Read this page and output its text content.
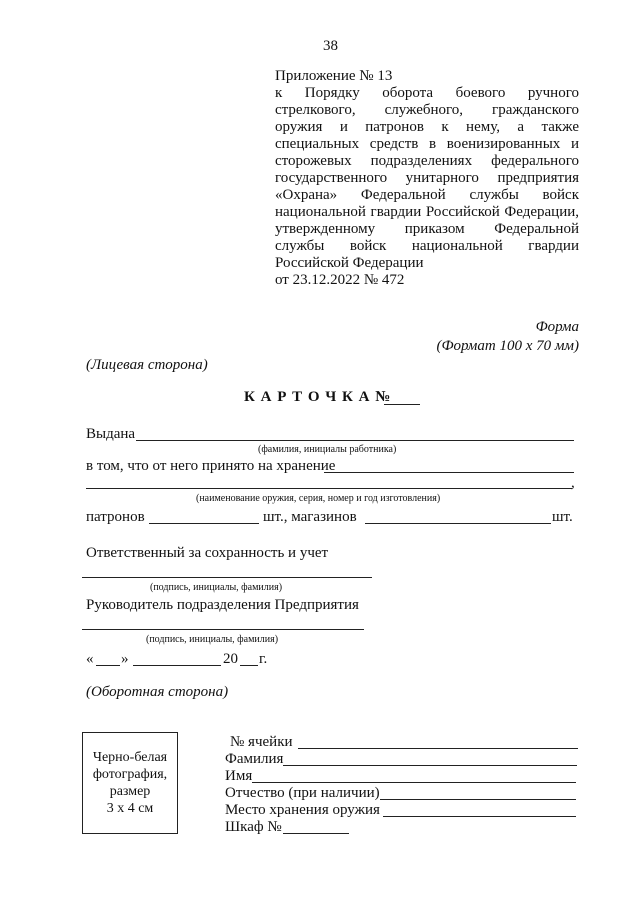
38
Приложение № 13
к Порядку оборота боевого ручного
стрелкового, служебного, гражданского
оружия и патронов к нему, а также
специальных средств в военизированных и
сторожевых подразделениях федерального
государственного унитарного предприятия
«Охрана» Федеральной службы войск
национальной гвардии Российской Федерации,
утвержденному приказом Федеральной
службы войск национальной гвардии
Российской Федерации
от 23.12.2022 № 472
Форма
(Формат 100 х 70 мм)
(Лицевая сторона)
К А Р Т О Ч К А №
Выдана
(фамилия, инициалы работника)
в том, что от него принято на хранение
,
(наименование оружия, серия, номер и год изготовления)
патронов	шт., магазинов	шт.
Ответственный за сохранность и учет
(подпись, инициалы, фамилия)
Руководитель подразделения Предприятия
(подпись, инициалы, фамилия)
« »	20 г.
(Оборотная сторона)
Черно-белая
фотография,
размер
3 х 4 см
№ ячейки
Фамилия
Имя
Отчество (при наличии)
Место хранения оружия
Шкаф №
